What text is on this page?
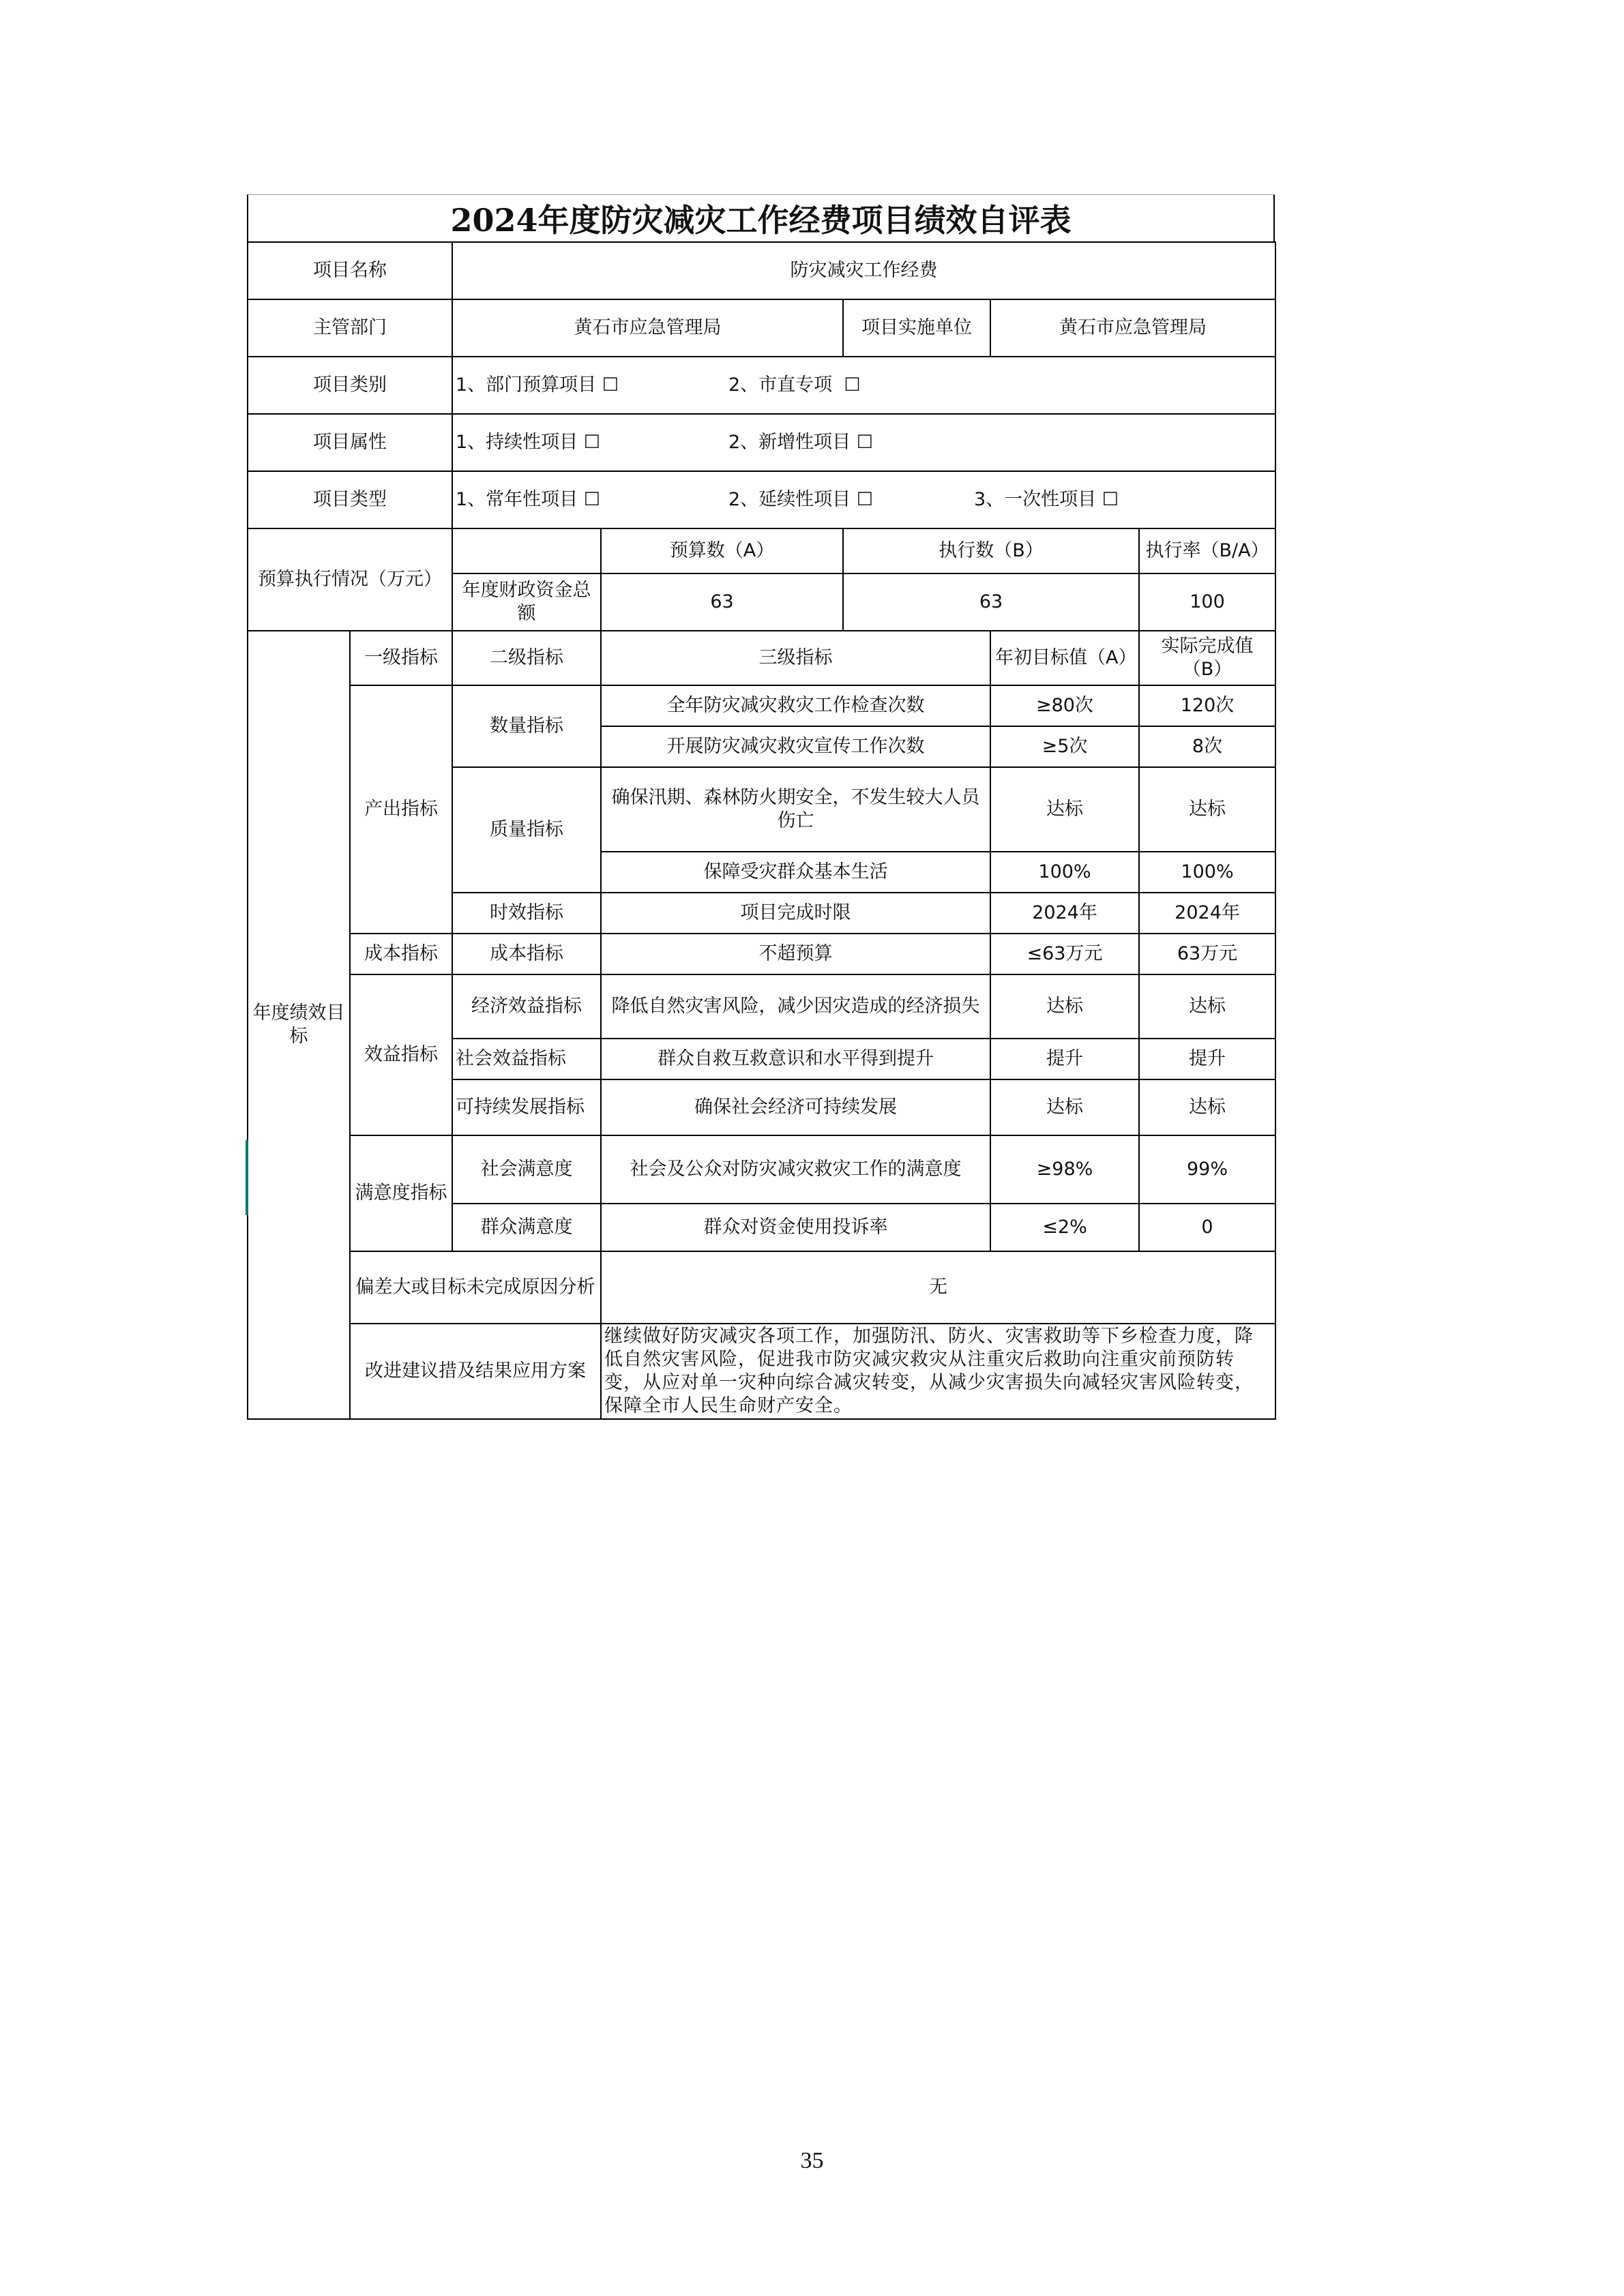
2024年度防灾减灾工作经费项目绩效自评表
项目名称		防灾减灾工作经费				
主管部门		黄石市应急管理局		项目实施单位	黄石市应急管理局	
项目类别		1、部门预算项目 ☐ 2、市直专项 ☐				
项目属性		1、持续性项目 ☐ 2、新增性项目 ☐				
项目类型		1、常年性项目 ☐ 2、延续性项目 ☐ 3、一次性项目 ☐				
预算执行情况（万元）			预算数（A）	执行数（B）		执行率（B/A）
		年度财政资金总额	63	63		100
年度绩效目标	一级指标	二级指标	三级指标		年初目标值（A）	实际完成值（B）
	产出指标	数量指标	全年防灾减灾救灾工作检查次数		≥80次	120次
			开展防灾减灾救灾宣传工作次数		≥5次	8次
		质量指标	确保汛期、森林防火期安全，不发生较大人员伤亡		达标	达标
			保障受灾群众基本生活		100%	100%
		时效指标	项目完成时限		2024年	2024年
	成本指标	成本指标	不超预算		≤63万元	63万元
	效益指标	经济效益指标	降低自然灾害风险，减少因灾造成的经济损失		达标	达标
		社会效益指标	群众自救互救意识和水平得到提升		提升	提升
		可持续发展指标	确保社会经济可持续发展		达标	达标
	满意度指标	社会满意度	社会及公众对防灾减灾救灾工作的满意度		≥98%	99%
		群众满意度	群众对资金使用投诉率		≤2%	0
	偏差大或目标未完成原因分析		无			
	改进建议措及结果应用方案		继续做好防灾减灾各项工作，加强防汛、防火、灾害救助等下乡检查力度，降低自然灾害风险，促进我市防灾减灾救灾从注重灾后救助向注重灾前预防转变，从应对单一灾种向综合减灾转变，从减少灾害损失向减轻灾害风险转变，保障全市人民生命财产安全。			
35
